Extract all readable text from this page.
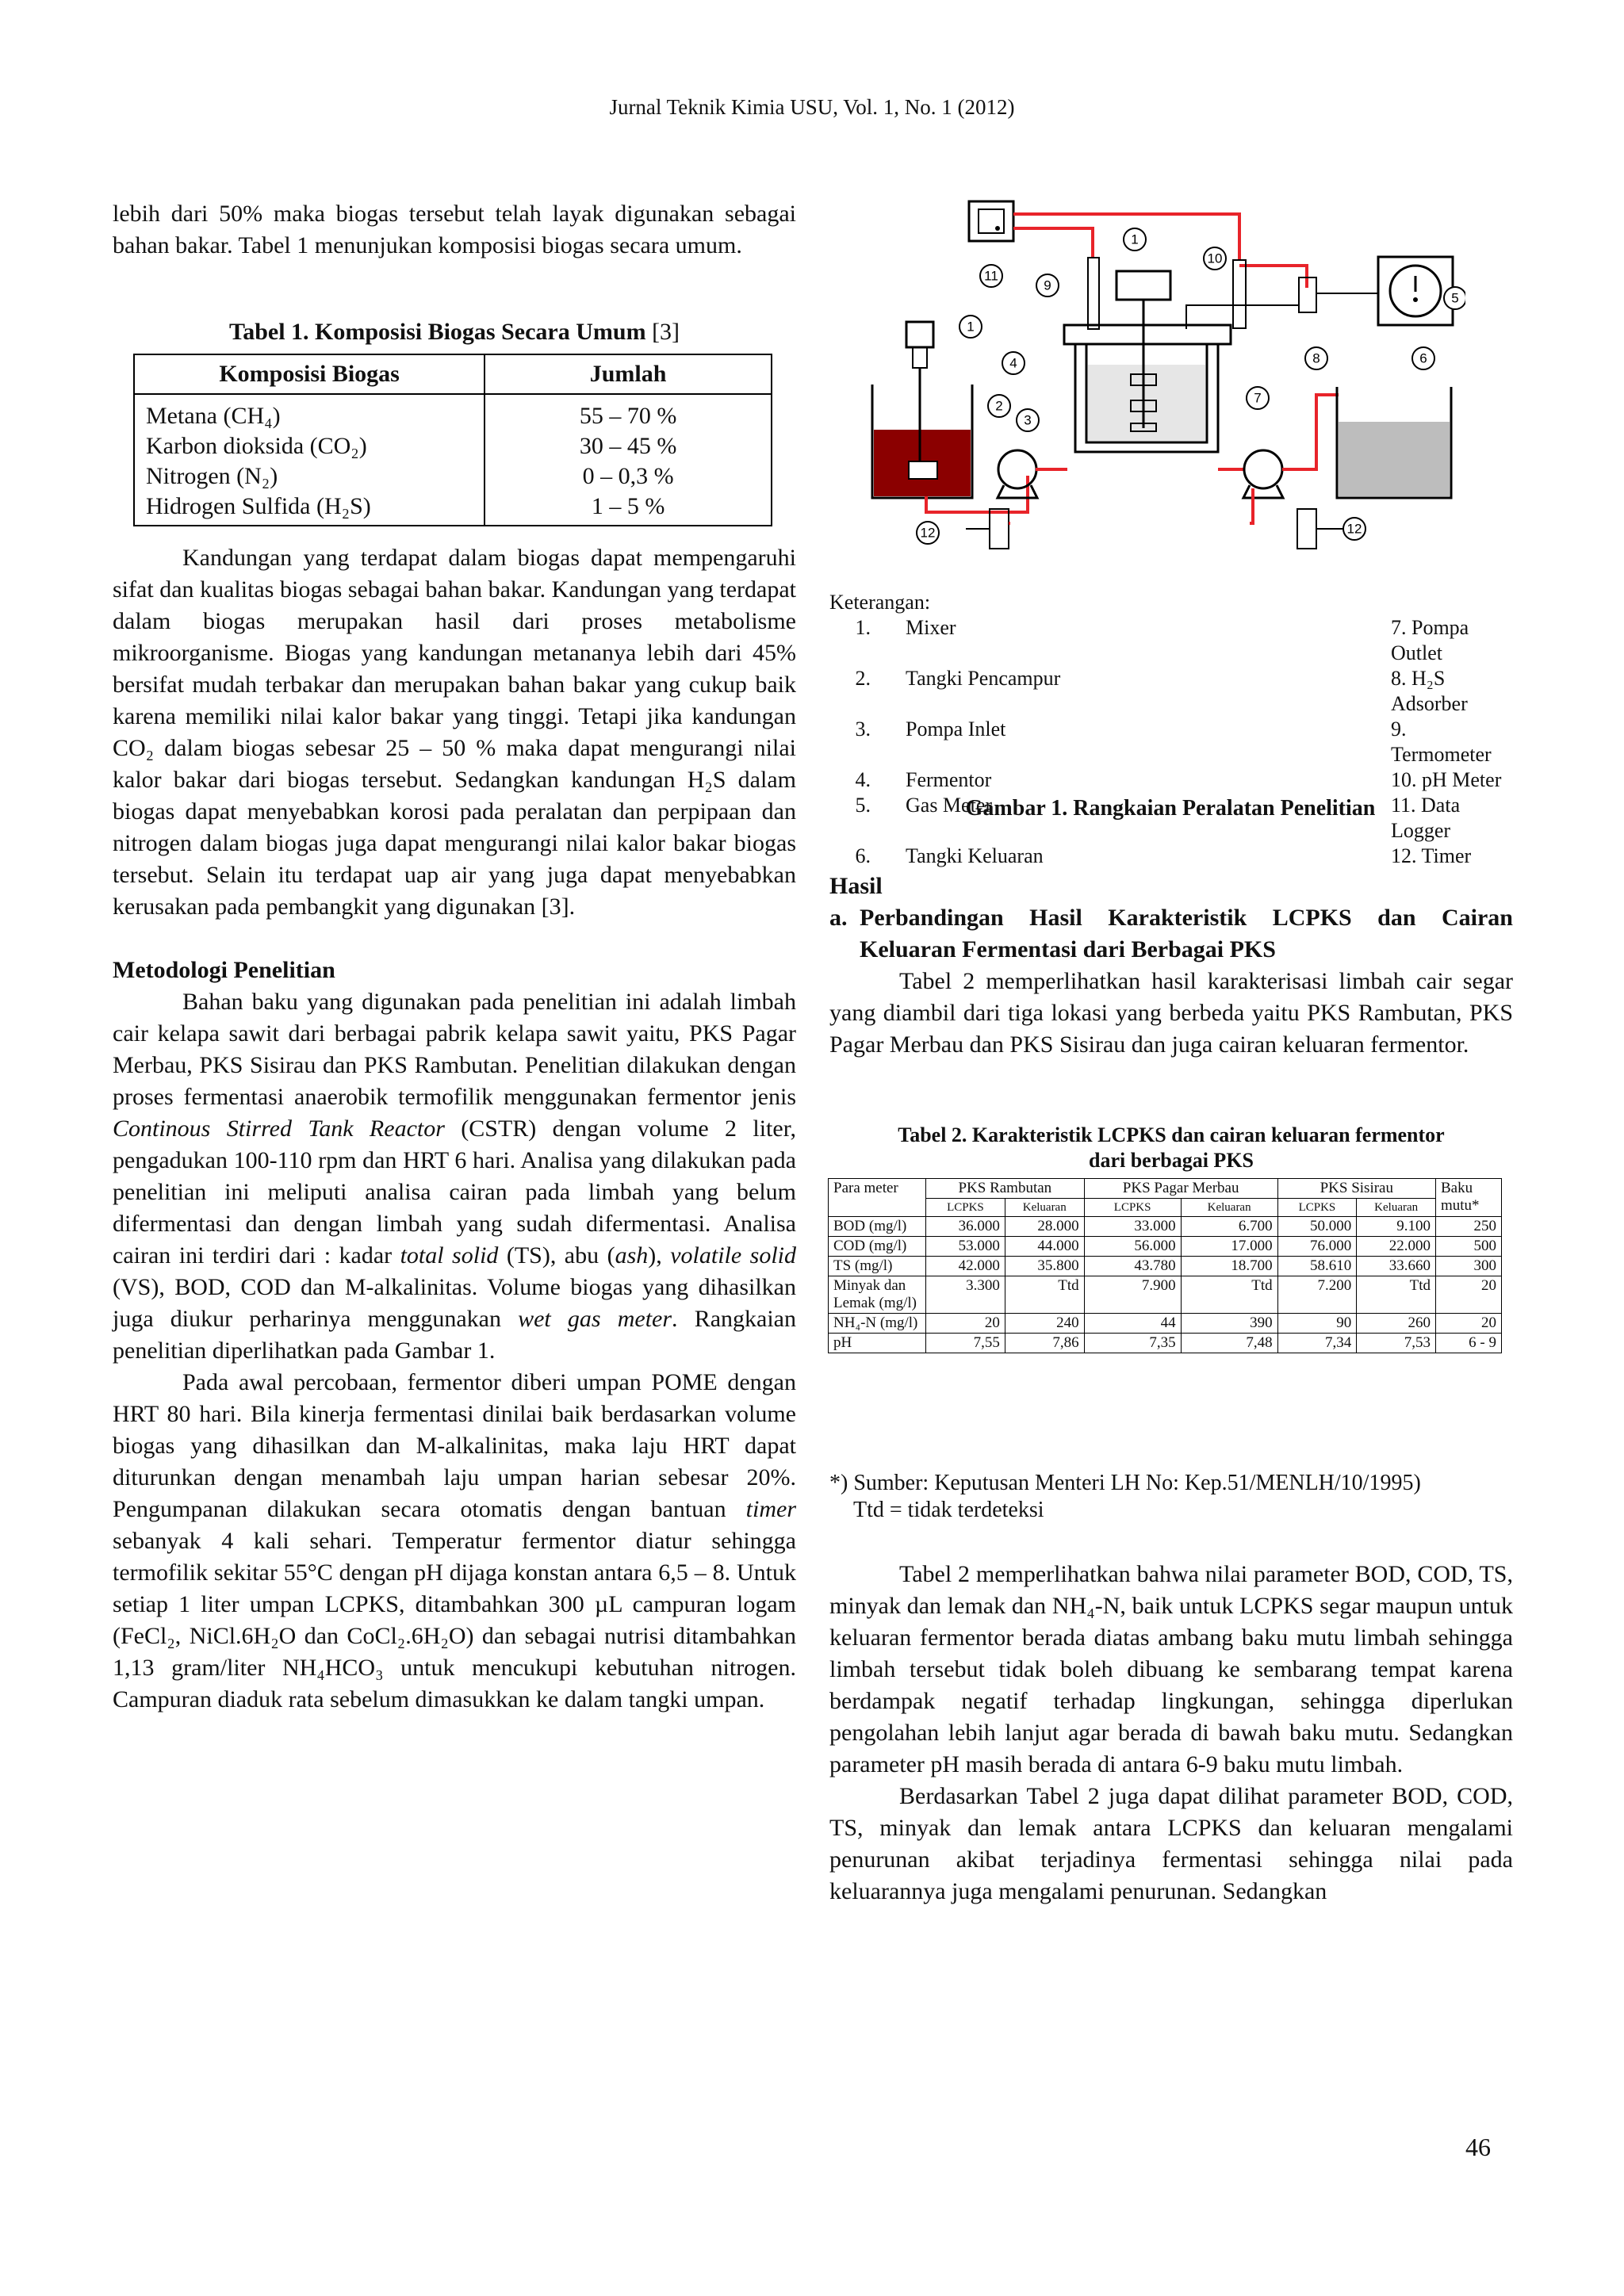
Jurnal Teknik Kimia USU, Vol. 1, No. 1 (2012)

lebih dari 50% maka biogas tersebut telah layak digunakan sebagai bahan bakar. Tabel 1 menunjukan komposisi biogas secara umum.

Tabel 1. Komposisi Biogas Secara Umum [3]
Komposisi Biogas	Jumlah
Metana (CH₄)	55 – 70 %
Karbon dioksida (CO₂)	30 – 45 %
Nitrogen (N₂)	0 – 0,3 %
Hidrogen Sulfida (H₂S)	1 – 5 %

Kandungan yang terdapat dalam biogas dapat mempengaruhi sifat dan kualitas biogas sebagai bahan bakar. Kandungan yang terdapat dalam biogas merupakan hasil dari proses metabolisme mikroorganisme. Biogas yang kandungan metananya lebih dari 45% bersifat mudah terbakar dan merupakan bahan bakar yang cukup baik karena memiliki nilai kalor bakar yang tinggi. Tetapi jika kandungan CO₂ dalam biogas sebesar 25 – 50 % maka dapat mengurangi nilai kalor bakar dari biogas tersebut. Sedangkan kandungan H₂S dalam biogas dapat menyebabkan korosi pada peralatan dan perpipaan dan nitrogen dalam biogas juga dapat mengurangi nilai kalor bakar biogas tersebut. Selain itu terdapat uap air yang juga dapat menyebabkan kerusakan pada pembangkit yang digunakan [3].

Metodologi Penelitian

Bahan baku yang digunakan pada penelitian ini adalah limbah cair kelapa sawit dari berbagai pabrik kelapa sawit yaitu, PKS Pagar Merbau, PKS Sisirau dan PKS Rambutan. Penelitian dilakukan dengan proses fermentasi anaerobik termofilik menggunakan fermentor jenis Continous Stirred Tank Reactor (CSTR) dengan volume 2 liter, pengadukan 100-110 rpm dan HRT 6 hari. Analisa yang dilakukan pada penelitian ini meliputi analisa cairan pada limbah yang belum difermentasi dan dengan limbah yang sudah difermentasi. Analisa cairan ini terdiri dari : kadar total solid (TS), abu (ash), volatile solid (VS), BOD, COD dan M-alkalinitas. Volume biogas yang dihasilkan juga diukur perharinya menggunakan wet gas meter. Rangkaian penelitian diperlihatkan pada Gambar 1.

Pada awal percobaan, fermentor diberi umpan POME dengan HRT 80 hari. Bila kinerja fermentasi dinilai baik berdasarkan volume biogas yang dihasilkan dan M-alkalinitas, maka laju HRT dapat diturunkan dengan menambah laju umpan harian sebesar 20%. Pengumpanan dilakukan secara otomatis dengan bantuan timer sebanyak 4 kali sehari. Temperatur fermentor diatur sehingga termofilik sekitar 55°C dengan pH dijaga konstan antara 6,5 – 8. Untuk setiap 1 liter umpan LCPKS, ditambahkan 300 µL campuran logam (FeCl₂, NiCl.6H₂O dan CoCl₂.6H₂O) dan sebagai nutrisi ditambahkan 1,13 gram/liter NH₄HCO₃ untuk mencukupi kebutuhan nitrogen. Campuran diaduk rata sebelum dimasukkan ke dalam tangki umpan.

11
9
1
10
5
1
4	8	6
7
2
3
12	12
Keterangan:
1.	Mixer	7. Pompa Outlet
2.	Tangki Pencampur	8. H₂S Adsorber
3.	Pompa Inlet	9. Termometer
4.	Fermentor	10. pH Meter
5.	Gas Meter	11. Data Logger
6.	Tangki Keluaran	12. Timer
Gambar 1. Rangkaian Peralatan Penelitian

Hasil

a. Perbandingan Hasil Karakteristik LCPKS dan Cairan Keluaran Fermentasi dari Berbagai PKS

Tabel 2 memperlihatkan hasil karakterisasi limbah cair segar yang diambil dari tiga lokasi yang berbeda yaitu PKS Rambutan, PKS Pagar Merbau dan PKS Sisirau dan juga cairan keluaran fermentor.

Tabel 2. Karakteristik LCPKS dan cairan keluaran fermentor
dari berbagai PKS
Para meter	PKS Rambutan		PKS Pagar Merbau		PKS Sisirau		Baku mutu*
	LCPKS	Keluaran	LCPKS	Keluaran	LCPKS	Keluaran	
BOD (mg/l)	36.000	28.000	33.000	6.700	50.000	9.100	250
COD (mg/l)	53.000	44.000	56.000	17.000	76.000	22.000	500
TS (mg/l)	42.000	35.800	43.780	18.700	58.610	33.660	300
Minyak dan Lemak (mg/l)	3.300	Ttd	7.900	Ttd	7.200	Ttd	20
NH₄-N (mg/l)	20	240	44	390	90	260	20
pH	7,55	7,86	7,35	7,48	7,34	7,53	6 - 9
*) Sumber: Keputusan Menteri LH No: Kep.51/MENLH/10/1995)
Ttd = tidak terdeteksi

Tabel 2 memperlihatkan bahwa nilai parameter BOD, COD, TS, minyak dan lemak dan NH₄-N, baik untuk LCPKS segar maupun untuk keluaran fermentor berada diatas ambang baku mutu limbah sehingga limbah tersebut tidak boleh dibuang ke sembarang tempat karena berdampak negatif terhadap lingkungan, sehingga diperlukan pengolahan lebih lanjut agar berada di bawah baku mutu. Sedangkan parameter pH masih berada di antara 6-9 baku mutu limbah.

Berdasarkan Tabel 2 juga dapat dilihat parameter BOD, COD, TS, minyak dan lemak antara LCPKS dan keluaran mengalami penurunan akibat terjadinya fermentasi sehingga nilai pada keluarannya juga mengalami penurunan. Sedangkan

46
